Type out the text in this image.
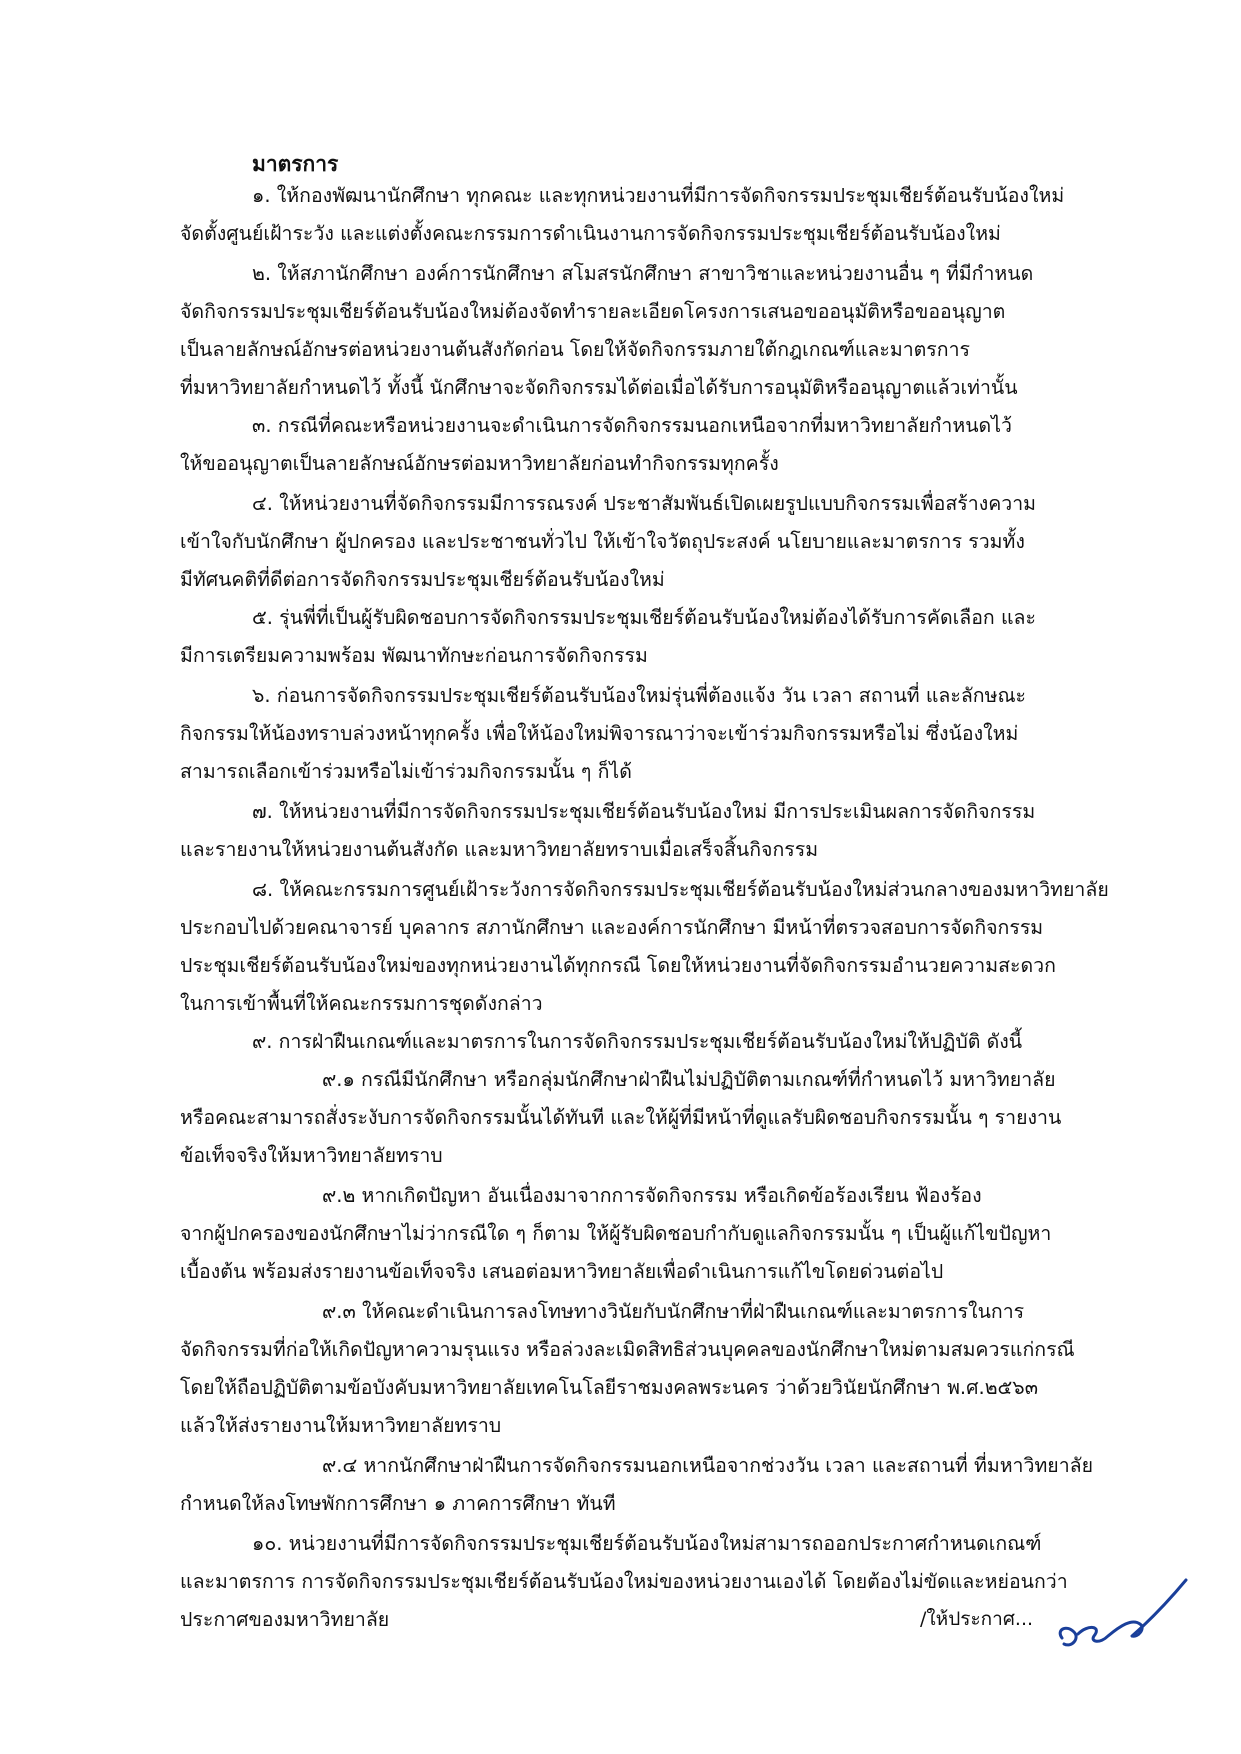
มาตรการ

๑. ให้กองพัฒนานักศึกษา ทุกคณะ และทุกหน่วยงานที่มีการจัดกิจกรรมประชุมเชียร์ต้อนรับน้องใหม่

จัดตั้งศูนย์เฝ้าระวัง และแต่งตั้งคณะกรรมการดำเนินงานการจัดกิจกรรมประชุมเชียร์ต้อนรับน้องใหม่

๒. ให้สภานักศึกษา องค์การนักศึกษา สโมสรนักศึกษา สาขาวิชาและหน่วยงานอื่น ๆ ที่มีกำหนด

จัดกิจกรรมประชุมเชียร์ต้อนรับน้องใหม่ต้องจัดทำรายละเอียดโครงการเสนอขออนุมัติหรือขออนุญาต

เป็นลายลักษณ์อักษรต่อหน่วยงานต้นสังกัดก่อน โดยให้จัดกิจกรรมภายใต้กฎเกณฑ์และมาตรการ

ที่มหาวิทยาลัยกำหนดไว้ ทั้งนี้ นักศึกษาจะจัดกิจกรรมได้ต่อเมื่อได้รับการอนุมัติหรืออนุญาตแล้วเท่านั้น

๓. กรณีที่คณะหรือหน่วยงานจะดำเนินการจัดกิจกรรมนอกเหนือจากที่มหาวิทยาลัยกำหนดไว้

ให้ขออนุญาตเป็นลายลักษณ์อักษรต่อมหาวิทยาลัยก่อนทำกิจกรรมทุกครั้ง

๔. ให้หน่วยงานที่จัดกิจกรรมมีการรณรงค์ ประชาสัมพันธ์เปิดเผยรูปแบบกิจกรรมเพื่อสร้างความ

เข้าใจกับนักศึกษา ผู้ปกครอง และประชาชนทั่วไป ให้เข้าใจวัตถุประสงค์ นโยบายและมาตรการ รวมทั้ง

มีทัศนคติที่ดีต่อการจัดกิจกรรมประชุมเชียร์ต้อนรับน้องใหม่

๕. รุ่นพี่ที่เป็นผู้รับผิดชอบการจัดกิจกรรมประชุมเชียร์ต้อนรับน้องใหม่ต้องได้รับการคัดเลือก และ

มีการเตรียมความพร้อม พัฒนาทักษะก่อนการจัดกิจกรรม

๖. ก่อนการจัดกิจกรรมประชุมเชียร์ต้อนรับน้องใหม่รุ่นพี่ต้องแจ้ง วัน เวลา สถานที่ และลักษณะ

กิจกรรมให้น้องทราบล่วงหน้าทุกครั้ง เพื่อให้น้องใหม่พิจารณาว่าจะเข้าร่วมกิจกรรมหรือไม่ ซึ่งน้องใหม่

สามารถเลือกเข้าร่วมหรือไม่เข้าร่วมกิจกรรมนั้น ๆ ก็ได้

๗. ให้หน่วยงานที่มีการจัดกิจกรรมประชุมเชียร์ต้อนรับน้องใหม่ มีการประเมินผลการจัดกิจกรรม

และรายงานให้หน่วยงานต้นสังกัด และมหาวิทยาลัยทราบเมื่อเสร็จสิ้นกิจกรรม

๘. ให้คณะกรรมการศูนย์เฝ้าระวังการจัดกิจกรรมประชุมเชียร์ต้อนรับน้องใหม่ส่วนกลางของมหาวิทยาลัย

ประกอบไปด้วยคณาจารย์ บุคลากร สภานักศึกษา และองค์การนักศึกษา มีหน้าที่ตรวจสอบการจัดกิจกรรม

ประชุมเชียร์ต้อนรับน้องใหม่ของทุกหน่วยงานได้ทุกกรณี โดยให้หน่วยงานที่จัดกิจกรรมอำนวยความสะดวก

ในการเข้าพื้นที่ให้คณะกรรมการชุดดังกล่าว

๙. การฝ่าฝืนเกณฑ์และมาตรการในการจัดกิจกรรมประชุมเชียร์ต้อนรับน้องใหม่ให้ปฏิบัติ ดังนี้

๙.๑ กรณีมีนักศึกษา หรือกลุ่มนักศึกษาฝ่าฝืนไม่ปฏิบัติตามเกณฑ์ที่กำหนดไว้ มหาวิทยาลัย

หรือคณะสามารถสั่งระงับการจัดกิจกรรมนั้นได้ทันที และให้ผู้ที่มีหน้าที่ดูแลรับผิดชอบกิจกรรมนั้น ๆ รายงาน

ข้อเท็จจริงให้มหาวิทยาลัยทราบ

๙.๒ หากเกิดปัญหา อันเนื่องมาจากการจัดกิจกรรม หรือเกิดข้อร้องเรียน ฟ้องร้อง

จากผู้ปกครองของนักศึกษาไม่ว่ากรณีใด ๆ ก็ตาม ให้ผู้รับผิดชอบกำกับดูแลกิจกรรมนั้น ๆ เป็นผู้แก้ไขปัญหา

เบื้องต้น พร้อมส่งรายงานข้อเท็จจริง เสนอต่อมหาวิทยาลัยเพื่อดำเนินการแก้ไขโดยด่วนต่อไป

๙.๓ ให้คณะดำเนินการลงโทษทางวินัยกับนักศึกษาที่ฝ่าฝืนเกณฑ์และมาตรการในการ

จัดกิจกรรมที่ก่อให้เกิดปัญหาความรุนแรง หรือล่วงละเมิดสิทธิส่วนบุคคลของนักศึกษาใหม่ตามสมควรแก่กรณี

โดยให้ถือปฏิบัติตามข้อบังคับมหาวิทยาลัยเทคโนโลยีราชมงคลพระนคร ว่าด้วยวินัยนักศึกษา พ.ศ.๒๕๖๓

แล้วให้ส่งรายงานให้มหาวิทยาลัยทราบ

๙.๔ หากนักศึกษาฝ่าฝืนการจัดกิจกรรมนอกเหนือจากช่วงวัน เวลา และสถานที่ ที่มหาวิทยาลัย

กำหนดให้ลงโทษพักการศึกษา ๑ ภาคการศึกษา ทันที

๑๐. หน่วยงานที่มีการจัดกิจกรรมประชุมเชียร์ต้อนรับน้องใหม่สามารถออกประกาศกำหนดเกณฑ์

และมาตรการ การจัดกิจกรรมประชุมเชียร์ต้อนรับน้องใหม่ของหน่วยงานเองได้ โดยต้องไม่ขัดและหย่อนกว่า

ประกาศของมหาวิทยาลัย	/ให้ประกาศ...
